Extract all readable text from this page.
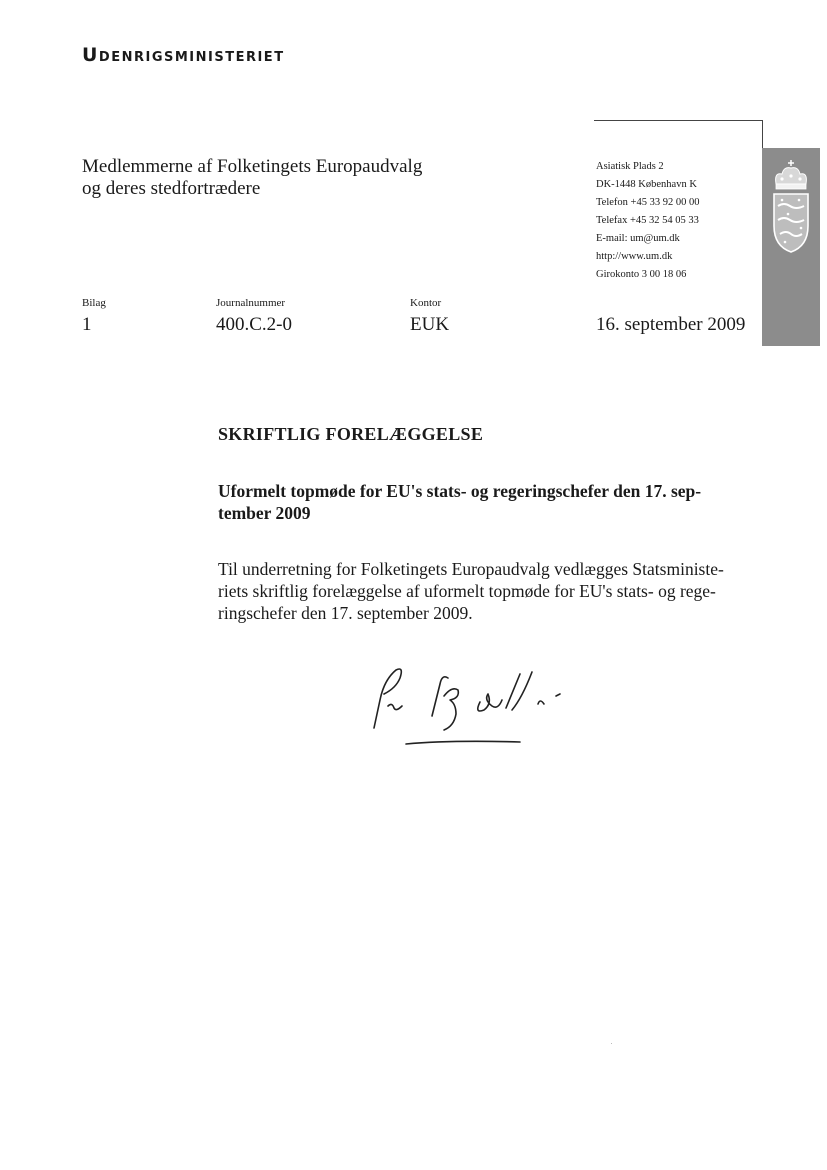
Udenrigsministeriet
Medlemmerne af Folketingets Europaudvalg
og deres stedfortrædere
Asiatisk Plads 2
DK-1448 København K
Telefon +45 33 92 00 00
Telefax +45 32 54 05 33
E-mail: um@um.dk
http://www.um.dk
Girokonto 3 00 18 06
Bilag
1
Journalnummer
400.C.2-0
Kontor
EUK	16. september 2009
SKRIFTLIG FORELÆGGELSE
Uformelt topmøde for EU's stats- og regeringschefer den 17. sep-
tember 2009
Til underretning for Folketingets Europaudvalg vedlægges Statsministe-
riets skriftlig forelæggelse af uformelt topmøde for EU's stats- og rege-
ringschefer den 17. september 2009.
